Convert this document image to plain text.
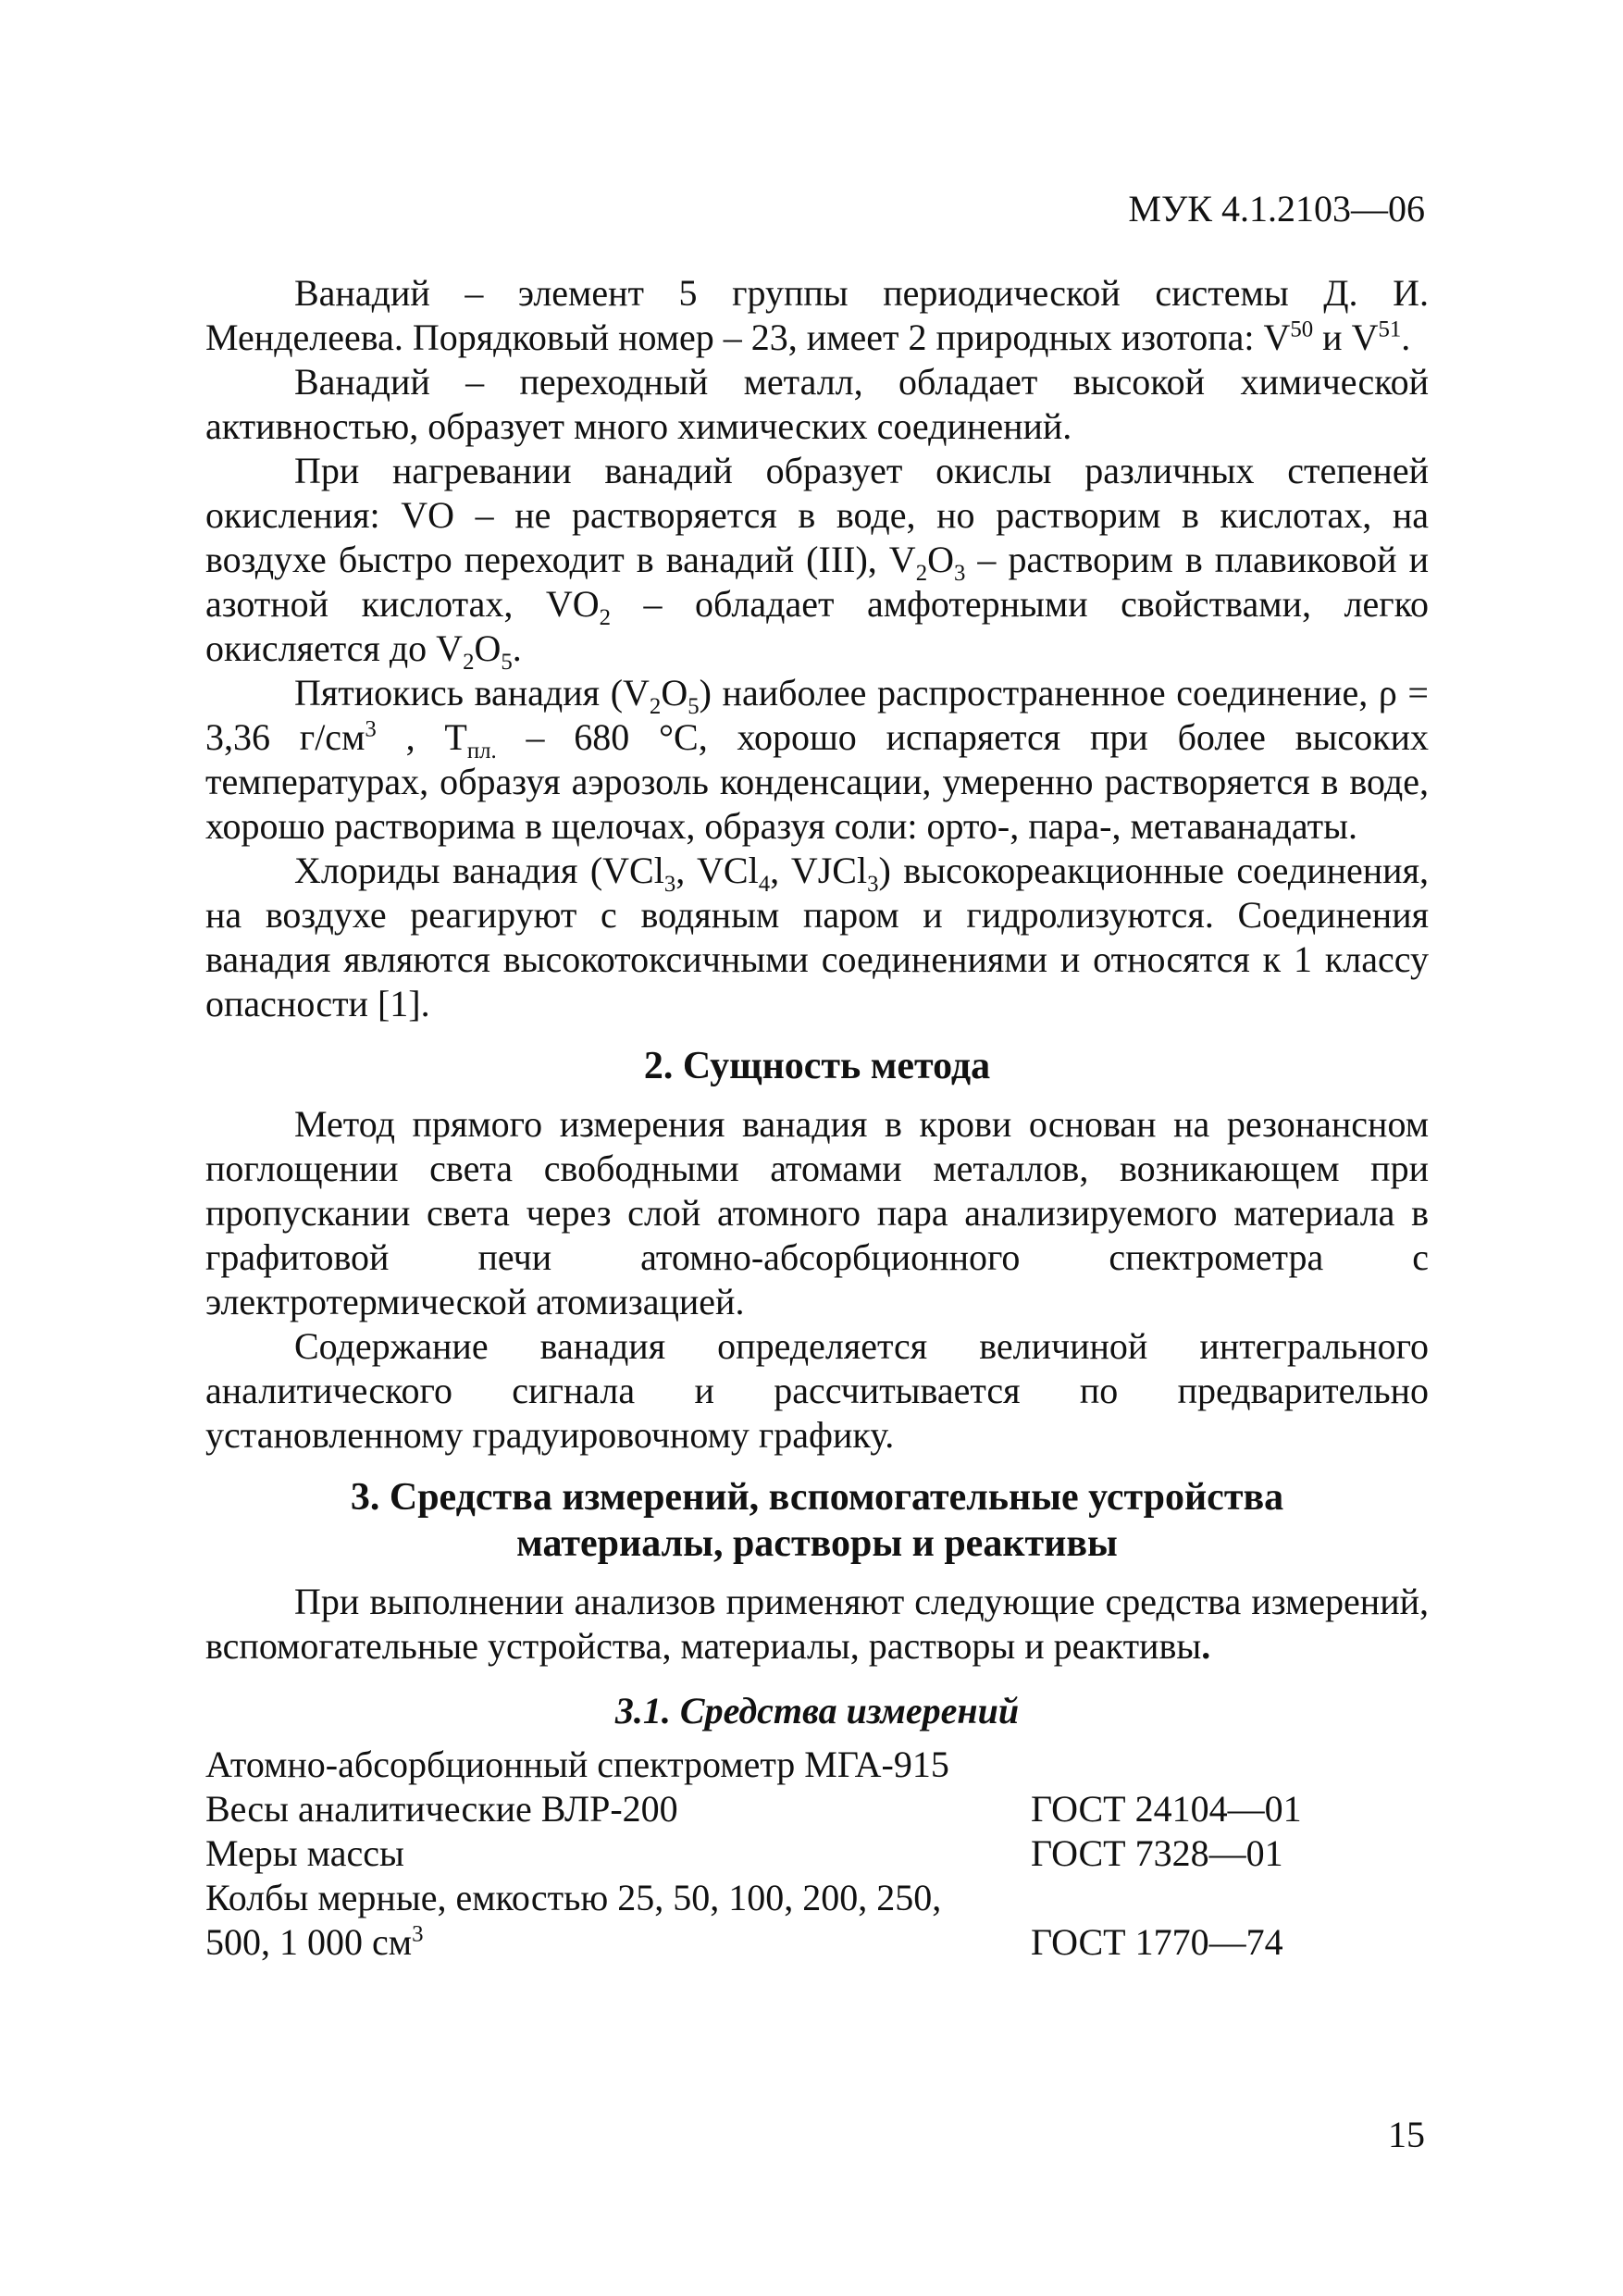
МУК 4.1.2103—06

Ванадий – элемент 5 группы периодической системы Д. И. Менделеева. Порядковый номер – 23, имеет 2 природных изотопа: $V^{50}$ и $V^{51}$.

Ванадий – переходный металл, обладает высокой химической активностью, образует много химических соединений.

При нагревании ванадий образует окислы различных степеней окисления: VO – не растворяется в воде, но растворим в кислотах, на воздухе быстро переходит в ванадий (III), $V_2O_3$ – растворим в плавиковой и азотной кислотах, $VO_2$ – обладает амфотерными свойствами, легко окисляется до $V_2O_5$.

Пятиокись ванадия $(V_2O_5)$ наиболее распространенное соединение, ρ = 3,36 $г/см^3$ , $Т_{пл.} - 680$ °С, хорошо испаряется при более высоких температурах, образуя аэрозоль конденсации, умеренно растворяется в воде, хорошо растворима в щелочах, образуя соли: орто-, пара-, метаванадаты.

Хлориды ванадия (VCl$_3$, VCl$_4$, VJCl$_3$) высокореакционные соединения, на воздухе реагируют с водяным паром и гидролизуются. Соединения ванадия являются высокотоксичными соединениями и относятся к 1 классу опасности [1].

2. Сущность метода

Метод прямого измерения ванадия в крови основан на резонансном поглощении света свободными атомами металлов, возникающем при пропускании света через слой атомного пара анализируемого материала в графитовой печи атомно-абсорбционного спектрометра с электротермической атомизацией.

Содержание ванадия определяется величиной интегрального аналитического сигнала и рассчитывается по предварительно установленному градуировочному графику.

3. Средства измерений, вспомогательные устройства
материалы, растворы и реактивы

При выполнении анализов применяют следующие средства измерений, вспомогательные устройства, материалы, растворы и реактивы.

3.1. Средства измерений
Атомно-абсорбционный спектрометр МГА-915
Весы аналитические ВЛР-200	ГОСТ 24104—01
Меры массы	ГОСТ 7328—01
Колбы мерные, емкостью 25, 50, 100, 200, 250,
500, 1 000 $см^3$	ГОСТ 1770—74
15
